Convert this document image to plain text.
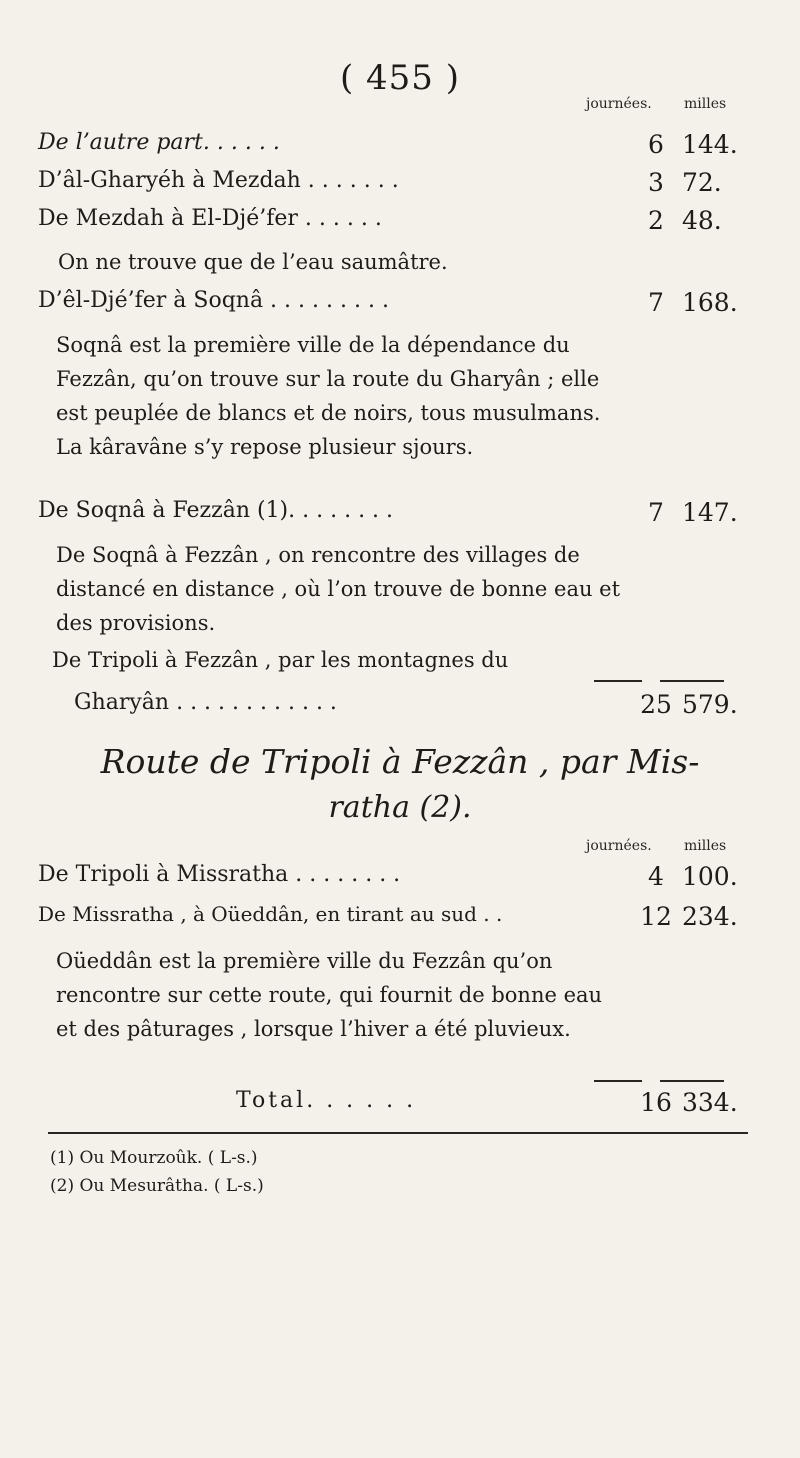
( 455 )
journées. milles
De l’autre part. . . . . .	6 144.
D’âl-Gharyéh à Mezdah . . . . . . .	3 72.
De Mezdah à El-Djé’fer . . . . . .	2 48.
On ne trouve que de l’eau saumâtre.
D’êl-Djé’fer à Soqnâ . . . . . . . . .	7 168.
Soqnâ est la première ville de la dépendance du Fezzân, qu’on trouve sur la route du Gharyân ; elle est peuplée de blancs et de noirs, tous musulmans. La kâravâne s’y repose plusieur sjours.
De Soqnâ à Fezzân (1). . . . . . . .	7 147.
De Soqnâ à Fezzân , on rencontre des villages de distancé en distance , où l’on trouve de bonne eau et des provisions.
De Tripoli à Fezzân , par les montagnes du
Gharyân . . . . . . . . . . . .	25 579.
Route de Tripoli à Fezzân , par Mis-
ratha (2).
journées. milles
De Tripoli à Missratha . . . . . . . .	4 100.
De Missratha , à Oüeddân, en tirant au sud . .	12 234.
Oüeddân est la première ville du Fezzân qu’on rencontre sur cette route, qui fournit de bonne eau et des pâturages , lorsque l’hiver a été pluvieux.
Total. . . . . .	16 334.
(1) Ou Mourzoûk. ( L-s.)
(2) Ou Mesurâtha. ( L-s.)
